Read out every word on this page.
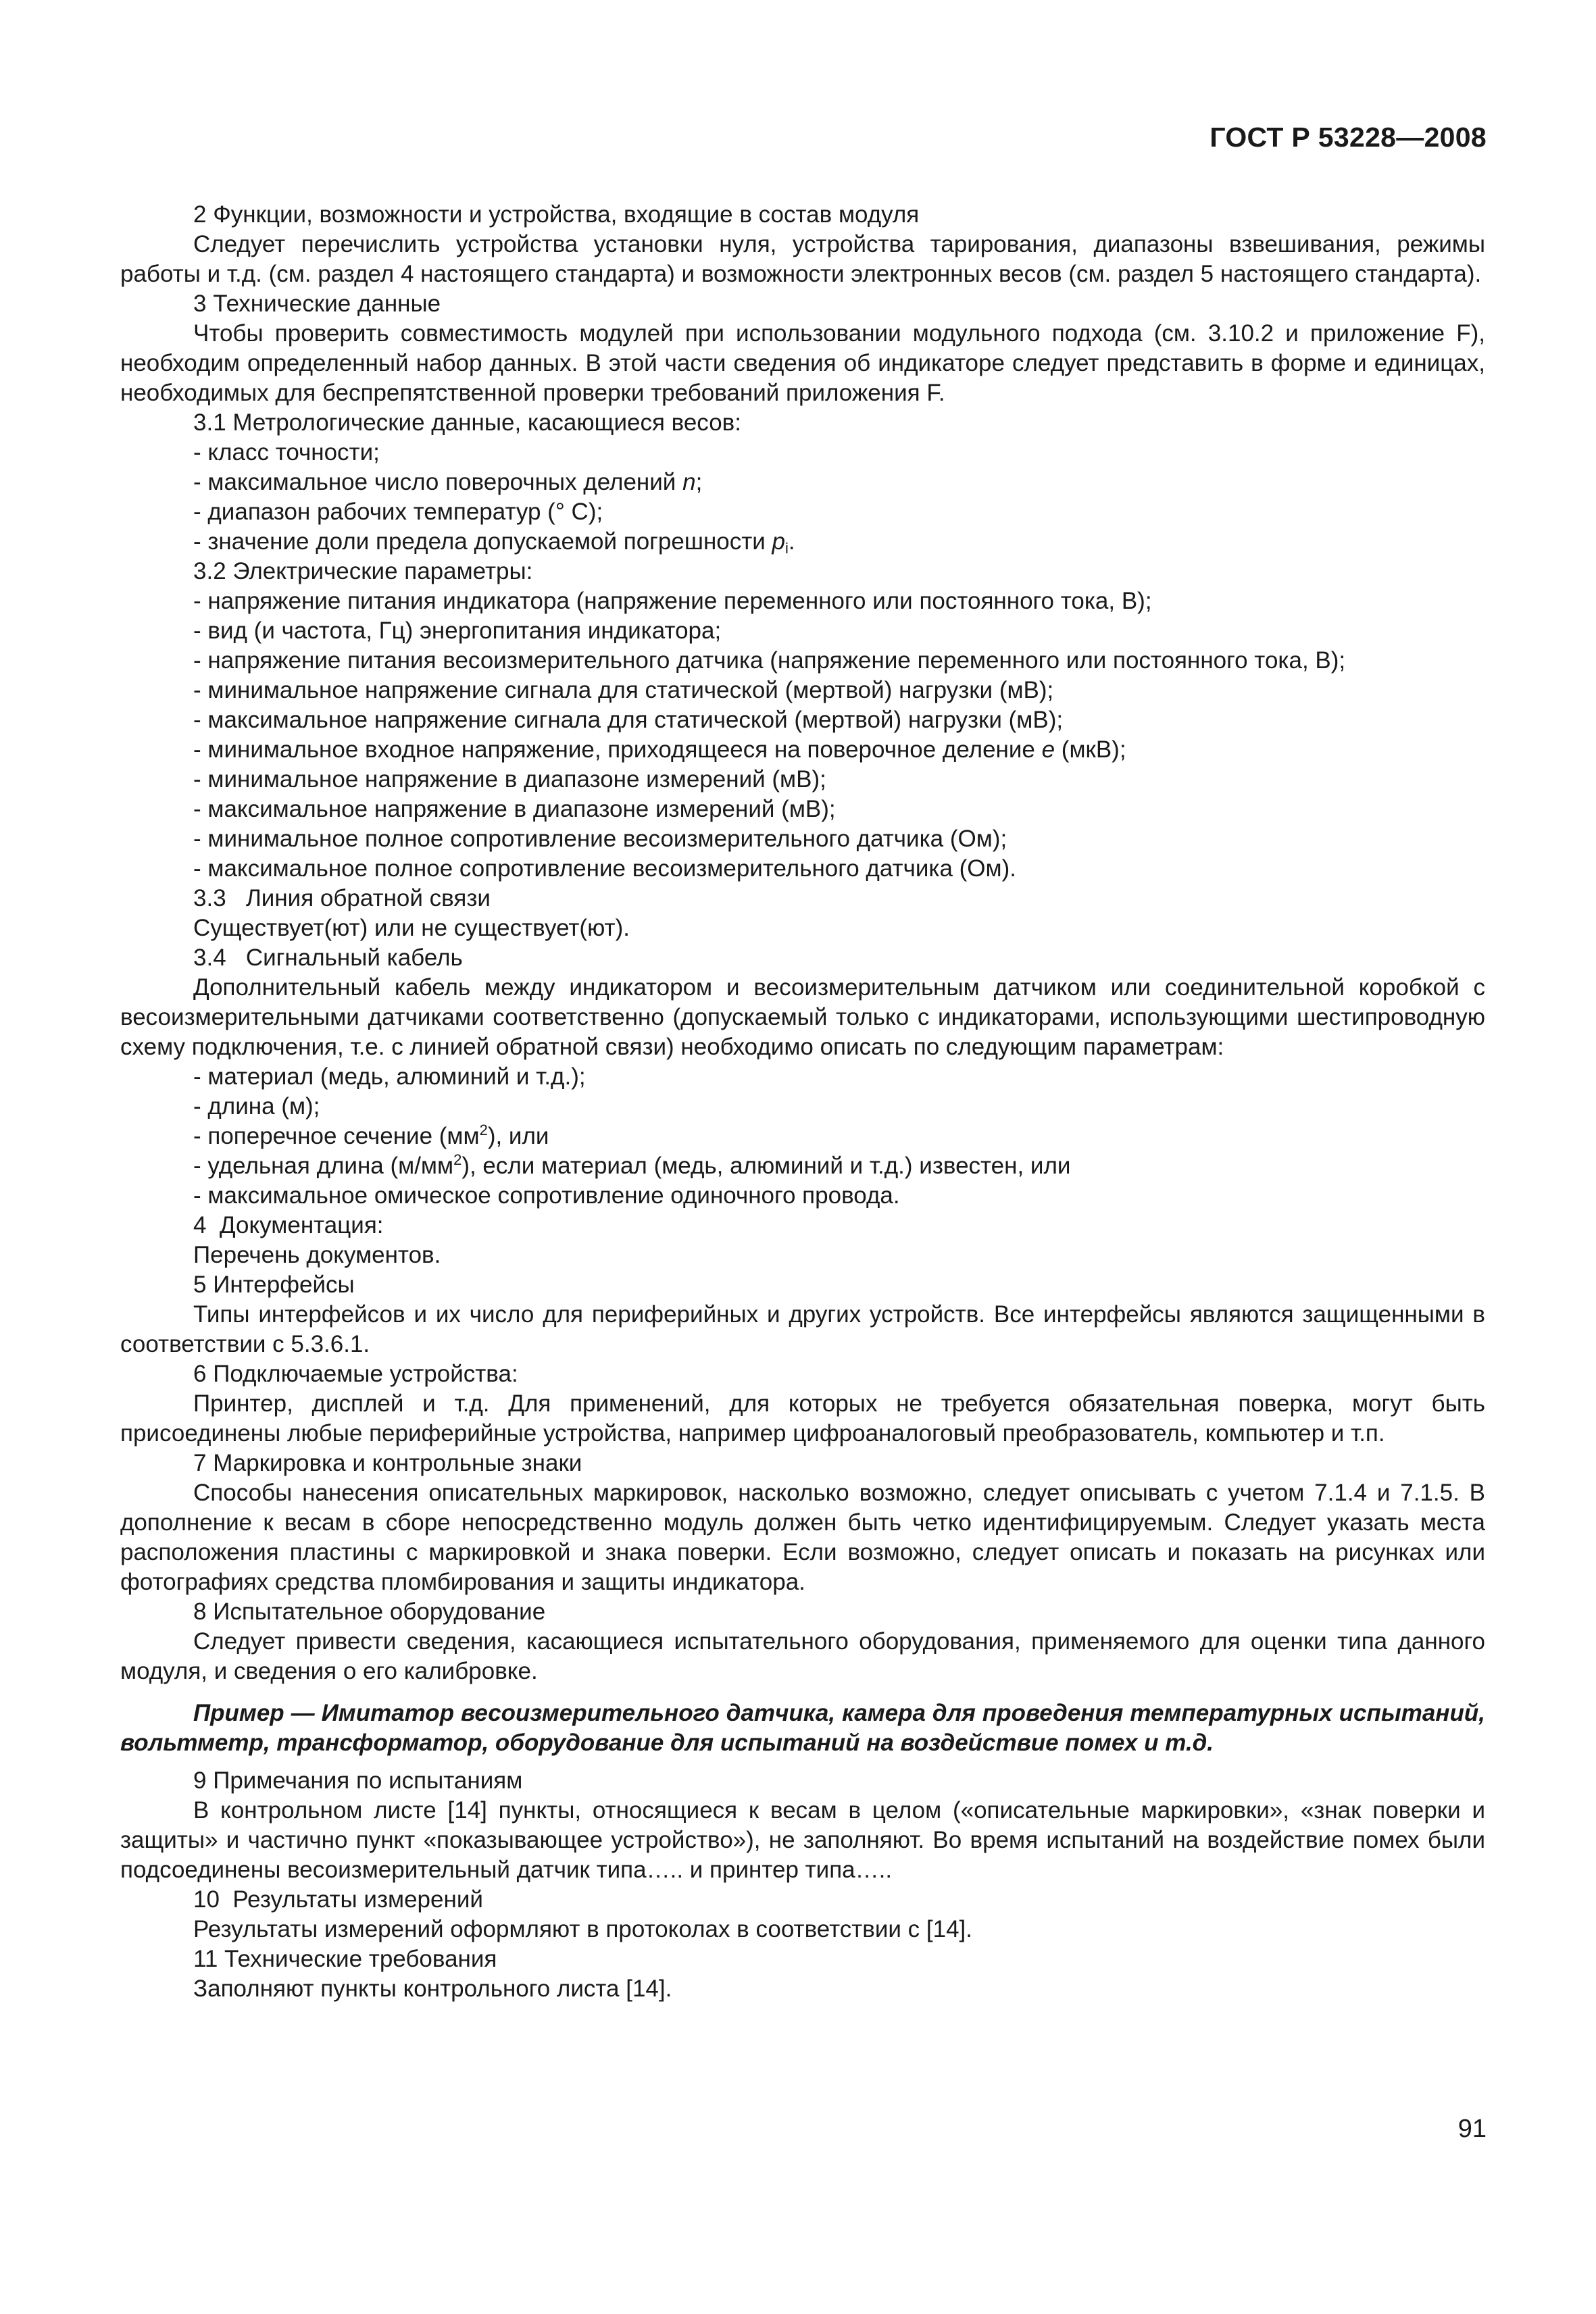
ГОСТ Р 53228—2008

2 Функции, возможности и устройства, входящие в состав модуля

Следует перечислить устройства установки нуля, устройства тарирования, диапазоны взвешивания, режимы работы и т.д. (см. раздел 4 настоящего стандарта) и возможности электронных весов (см. раздел 5 настоящего стандарта).

3 Технические данные

Чтобы проверить совместимость модулей при использовании модульного подхода (см. 3.10.2 и приложение F), необходим определенный набор данных. В этой части сведения об индикаторе следует представить в форме и единицах, необходимых для беспрепятственной проверки требований приложения F.

3.1 Метрологические данные, касающиеся весов:

- класс точности;

- максимальное число поверочных делений n;

- диапазон рабочих температур (° С);

- значение доли предела допускаемой погрешности $p_i$.

3.2 Электрические параметры:

- напряжение питания индикатора (напряжение переменного или постоянного тока, В);

- вид (и частота, Гц) энергопитания индикатора;

- напряжение питания весоизмерительного датчика (напряжение переменного или постоянного тока, В);

- минимальное напряжение сигнала для статической (мертвой) нагрузки (мВ);

- максимальное напряжение сигнала для статической (мертвой) нагрузки (мВ);

- минимальное входное напряжение, приходящееся на поверочное деление е (мкВ);

- минимальное напряжение в диапазоне измерений (мВ);

- максимальное напряжение в диапазоне измерений (мВ);

- минимальное полное сопротивление весоизмерительного датчика (Ом);

- максимальное полное сопротивление весоизмерительного датчика (Ом).

3.3   Линия обратной связи

Существует(ют) или не существует(ют).

3.4   Сигнальный кабель

Дополнительный кабель между индикатором и весоизмерительным датчиком или соединительной коробкой с весоизмерительными датчиками соответственно (допускаемый только с индикаторами, использующими шестипроводную схему подключения, т.е. с линией обратной связи) необходимо описать по следующим параметрам:

- материал (медь, алюминий и т.д.);

- длина (м);

- поперечное сечение $(мм^2)$, или

- удельная длина $(м/мм^2)$, если материал (медь, алюминий и т.д.) известен, или

- максимальное омическое сопротивление одиночного провода.

4  Документация:

Перечень документов.

5 Интерфейсы

Типы интерфейсов и их число для периферийных и других устройств. Все интерфейсы являются защищенными в соответствии с 5.3.6.1.

6 Подключаемые устройства:

Принтер, дисплей и т.д. Для применений, для которых не требуется обязательная поверка, могут быть присоединены любые периферийные устройства, например цифроаналоговый преобразователь, компьютер и т.п.

7 Маркировка и контрольные знаки

Способы нанесения описательных маркировок, насколько возможно, следует описывать с учетом 7.1.4 и 7.1.5. В дополнение к весам в сборе непосредственно модуль должен быть четко идентифицируемым. Следует указать места расположения пластины с маркировкой и знака поверки. Если возможно, следует описать и показать на рисунках или фотографиях средства пломбирования и защиты индикатора.

8 Испытательное оборудование

Следует привести сведения, касающиеся испытательного оборудования, применяемого для оценки типа данного модуля, и сведения о его калибровке.

Пример — Имитатор весоизмерительного датчика, камера для проведения температурных испытаний, вольтметр, трансформатор, оборудование для испытаний на воздействие помех и т.д.

9 Примечания по испытаниям

В контрольном листе [14] пункты, относящиеся к весам в целом («описательные маркировки», «знак поверки и защиты» и частично пункт «показывающее устройство»), не заполняют. Во время испытаний на воздействие помех были подсоединены весоизмерительный датчик типа….. и принтер типа…..

10  Результаты измерений

Результаты измерений оформляют в протоколах в соответствии с [14].

11 Технические требования

Заполняют пункты контрольного листа [14].

91
